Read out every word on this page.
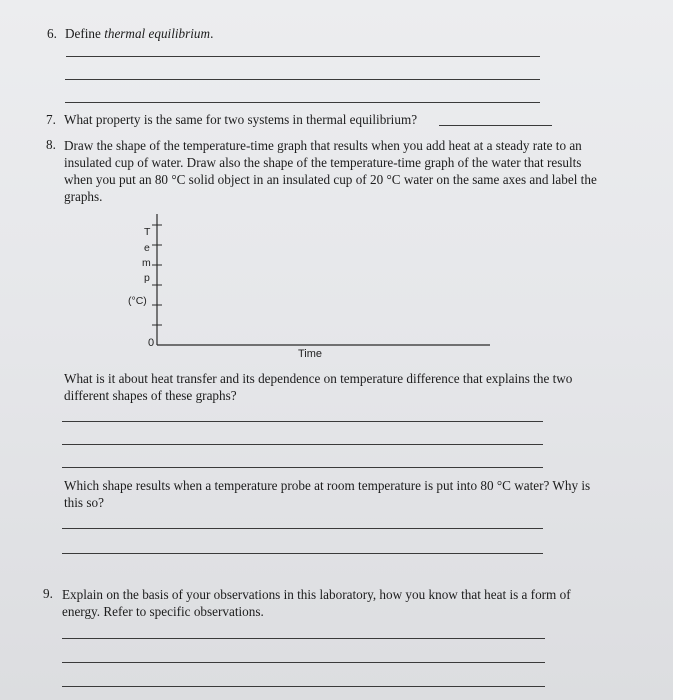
6. Define thermal equilibrium.
7. What property is the same for two systems in thermal equilibrium?
8. Draw the shape of the temperature-time graph that results when you add heat at a steady rate to an
insulated cup of water. Draw also the shape of the temperature-time graph of the water that results
when you put an 80 °C solid object in an insulated cup of 20 °C water on the same axes and label the
graphs.
T
e
m
p
(°C)
0
Time
What is it about heat transfer and its dependence on temperature difference that explains the two
different shapes of these graphs?
Which shape results when a temperature probe at room temperature is put into 80 °C water? Why is
this so?
9. Explain on the basis of your observations in this laboratory, how you know that heat is a form of
energy. Refer to specific observations.
